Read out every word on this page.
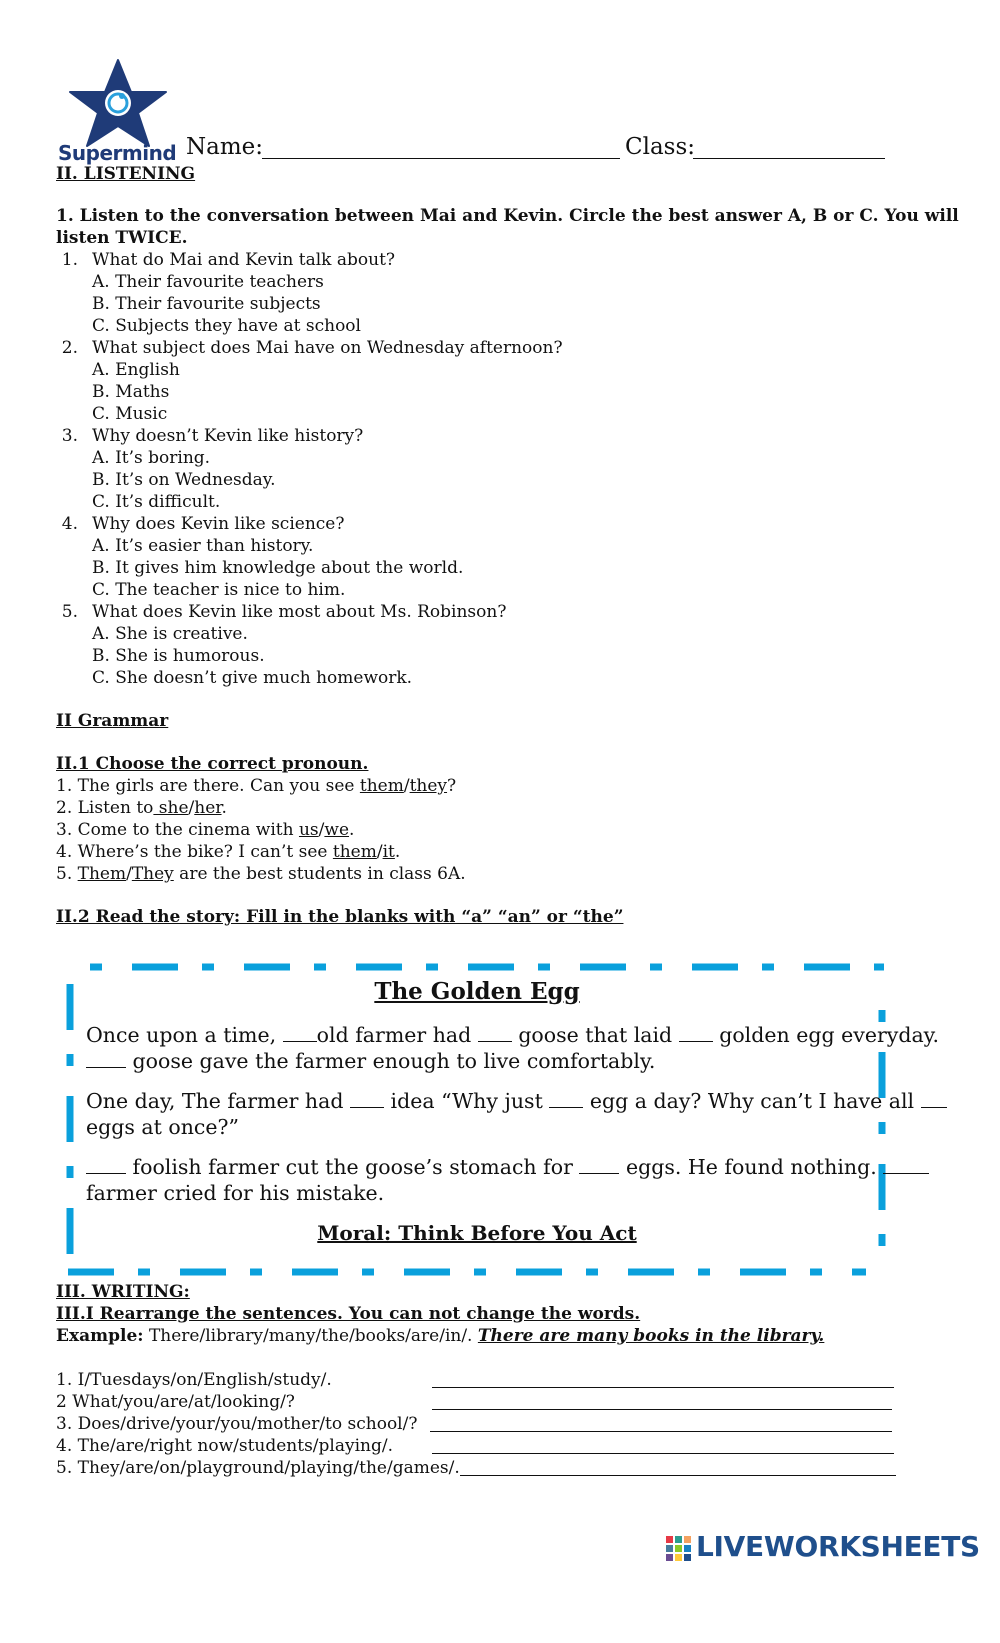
Supermind Name:	Class:
II. LISTENING
1. Listen to the conversation between Mai and Kevin. Circle the best answer A, B or C. You will
listen TWICE.
1. What do Mai and Kevin talk about?
A. Their favourite teachers
B. Their favourite subjects
C. Subjects they have at school
2. What subject does Mai have on Wednesday afternoon?
A. English
B. Maths
C. Music
3. Why doesn’t Kevin like history?
A. It’s boring.
B. It’s on Wednesday.
C. It’s difficult.
4. Why does Kevin like science?
A. It’s easier than history.
B. It gives him knowledge about the world.
C. The teacher is nice to him.
5. What does Kevin like most about Ms. Robinson?
A. She is creative.
B. She is humorous.
C. She doesn’t give much homework.
II Grammar
II.1 Choose the correct pronoun.
1. The girls are there. Can you see them/they?
2. Listen to she/her.
3. Come to the cinema with us/we.
4. Where’s the bike? I can’t see them/it.
5. Them/They are the best students in class 6A.
II.2 Read the story: Fill in the blanks with “a” “an” or “the”
The Golden Egg
Once upon a time, old farmer had  goose that laid  golden egg everyday.
goose gave the farmer enough to live comfortably.
One day, The farmer had  idea “Why just  egg a day? Why can’t I have all
eggs at once?”
foolish farmer cut the goose’s stomach for  eggs. He found nothing.
farmer cried for his mistake.
Moral: Think Before You Act
III. WRITING:
III.I Rearrange the sentences. You can not change the words.
Example: There/library/many/the/books/are/in/. There are many books in the library.
1. I/Tuesdays/on/English/study/.
2 What/you/are/at/looking/?
3. Does/drive/your/you/mother/to school/?
4. The/are/right now/students/playing/.
5. They/are/on/playground/playing/the/games/.
LIVEWORKSHEETS
